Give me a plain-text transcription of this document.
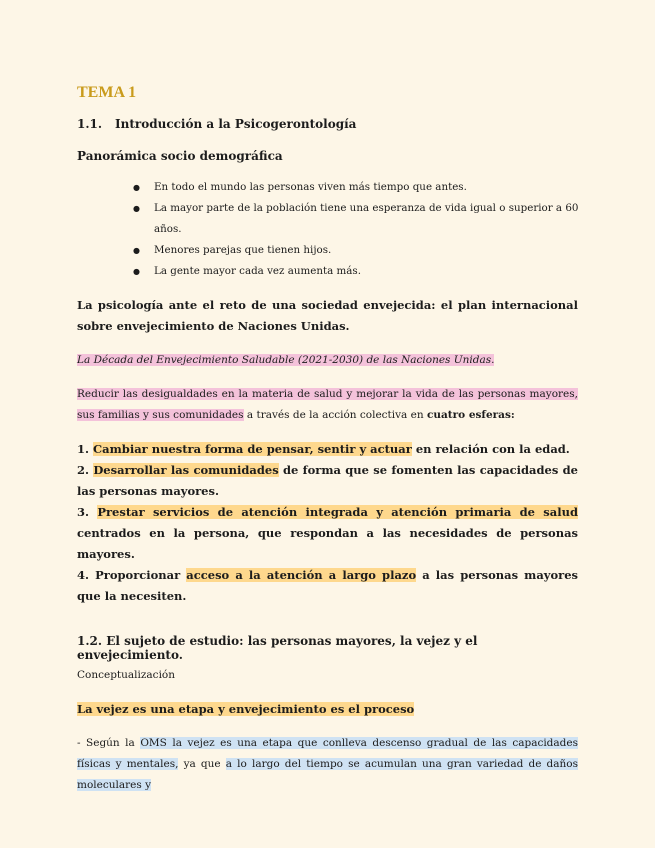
TEMA 1
1.1. Introducción a la Psicogerontología
Panorámica socio demográfica
● En todo el mundo las personas viven más tiempo que antes.
● La mayor parte de la población tiene una esperanza de vida igual o superior a 60 años.
● Menores parejas que tienen hijos.
● La gente mayor cada vez aumenta más.
La psicología ante el reto de una sociedad envejecida: el plan internacional sobre envejecimiento de Naciones Unidas.
La Década del Envejecimiento Saludable (2021-2030) de las Naciones Unidas.
Reducir las desigualdades en la materia de salud y mejorar la vida de las personas mayores, sus familias y sus comunidades a través de la acción colectiva en cuatro esferas:
1. Cambiar nuestra forma de pensar, sentir y actuar en relación con la edad.
2. Desarrollar las comunidades de forma que se fomenten las capacidades de las personas mayores.
3. Prestar servicios de atención integrada y atención primaria de salud centrados en la persona, que respondan a las necesidades de personas mayores.
4. Proporcionar acceso a la atención a largo plazo a las personas mayores que la necesiten.
1.2. El sujeto de estudio: las personas mayores, la vejez y el envejecimiento.
Conceptualización
La vejez es una etapa y envejecimiento es el proceso
- Según la OMS la vejez es una etapa que conlleva descenso gradual de las capacidades físicas y mentales, ya que a lo largo del tiempo se acumulan una gran variedad de daños moleculares y
